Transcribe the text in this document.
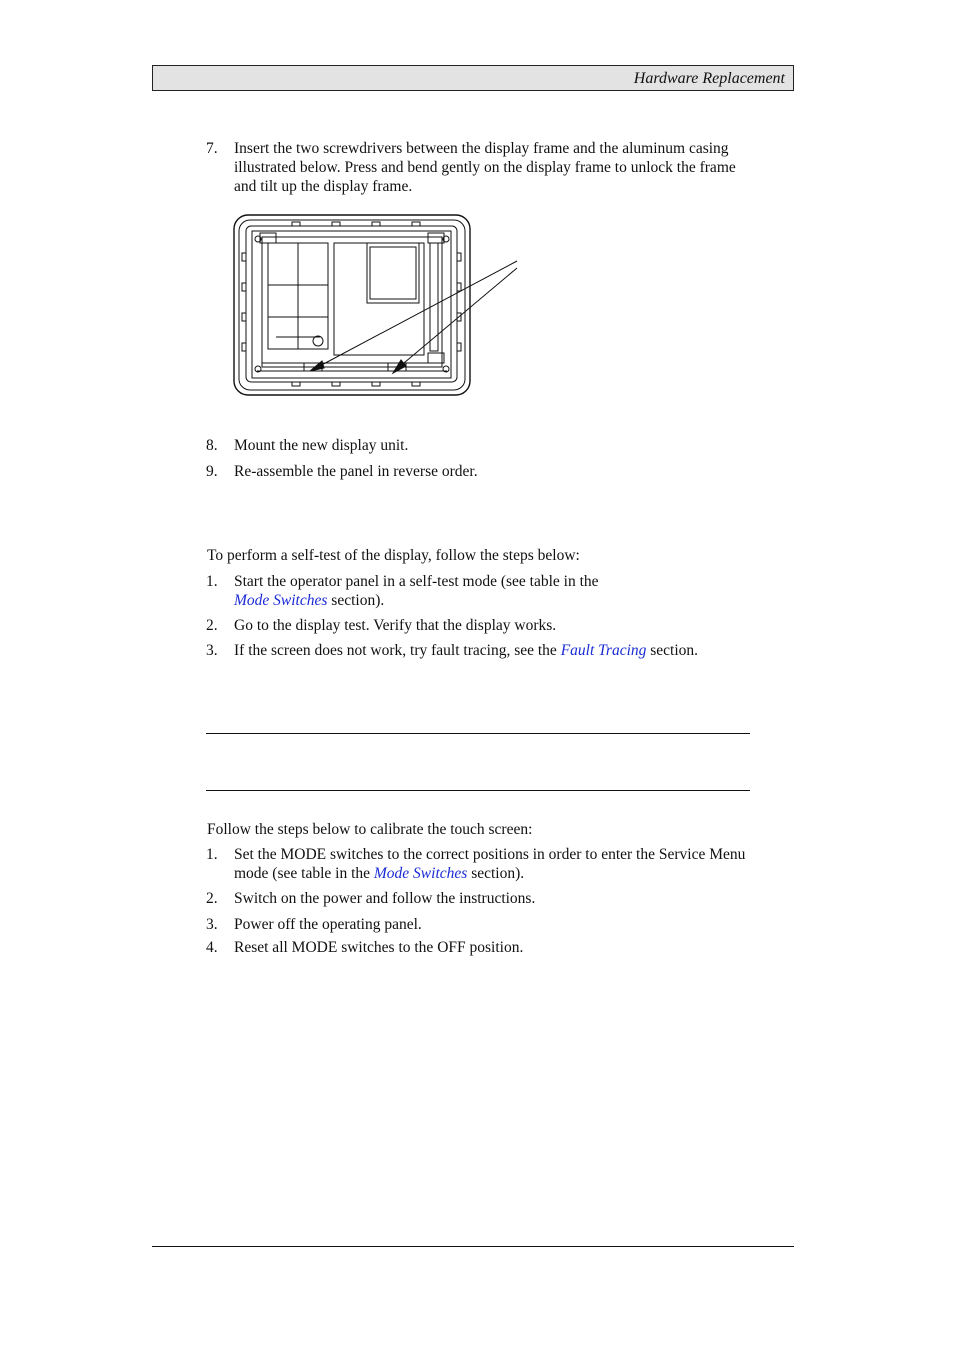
Hardware Replacement
7.	Insert the two screwdrivers between the display frame and the aluminum casing illustrated below. Press and bend gently on the display frame to unlock the frame and tilt up the display frame.
8.	Mount the new display unit.
9.	Re-assemble the panel in reverse order.
To perform a self-test of the display, follow the steps below:
1.	Start the operator panel in a self-test mode (see table in the
Mode Switches section).
2.	Go to the display test. Verify that the display works.
3.	If the screen does not work, try fault tracing, see the Fault Tracing section.
Follow the steps below to calibrate the touch screen:
1.	Set the MODE switches to the correct positions in order to enter the Service Menu mode (see table in the Mode Switches section).
2.	Switch on the power and follow the instructions.
3.	Power off the operating panel.
4.	Reset all MODE switches to the OFF position.
